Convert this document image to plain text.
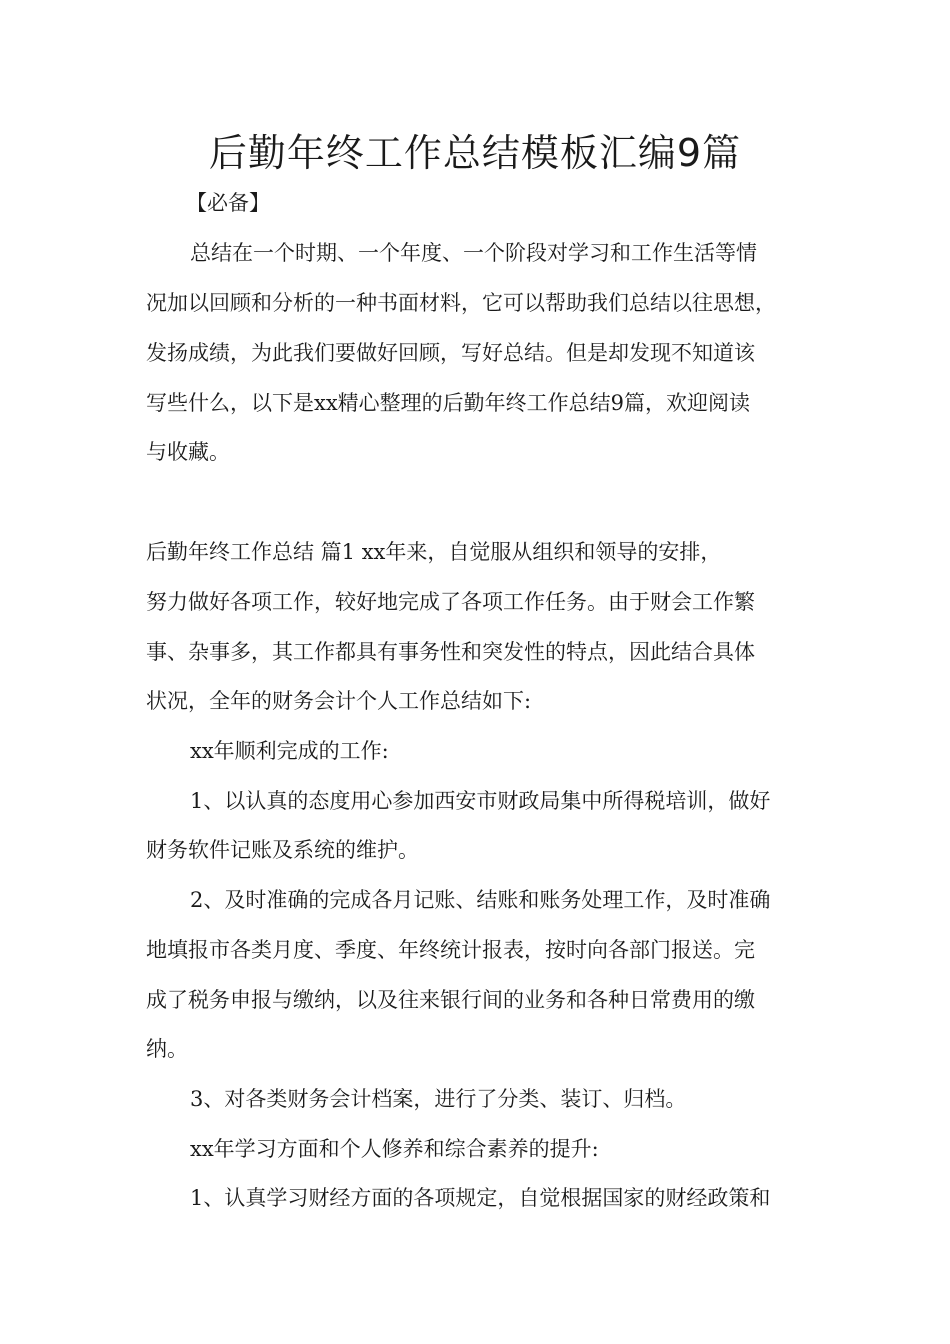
后勤年终工作总结模板汇编9篇

【必备】

总结在一个时期、一个年度、一个阶段对学习和工作生活等情

况加以回顾和分析的一种书面材料，它可以帮助我们总结以往思想，

发扬成绩，为此我们要做好回顾，写好总结。但是却发现不知道该

写些什么，以下是xx精心整理的后勤年终工作总结9篇，欢迎阅读

与收藏。

后勤年终工作总结 篇1 xx年来，自觉服从组织和领导的安排，

努力做好各项工作，较好地完成了各项工作任务。由于财会工作繁

事、杂事多，其工作都具有事务性和突发性的特点，因此结合具体

状况，全年的财务会计个人工作总结如下:

xx年顺利完成的工作:

1、以认真的态度用心参加西安市财政局集中所得税培训，做好

财务软件记账及系统的维护。

2、及时准确的完成各月记账、结账和账务处理工作，及时准确

地填报市各类月度、季度、年终统计报表，按时向各部门报送。完

成了税务申报与缴纳，以及往来银行间的业务和各种日常费用的缴

纳。

3、对各类财务会计档案，进行了分类、装订、归档。

xx年学习方面和个人修养和综合素养的提升:

1、认真学习财经方面的各项规定，自觉根据国家的财经政策和
